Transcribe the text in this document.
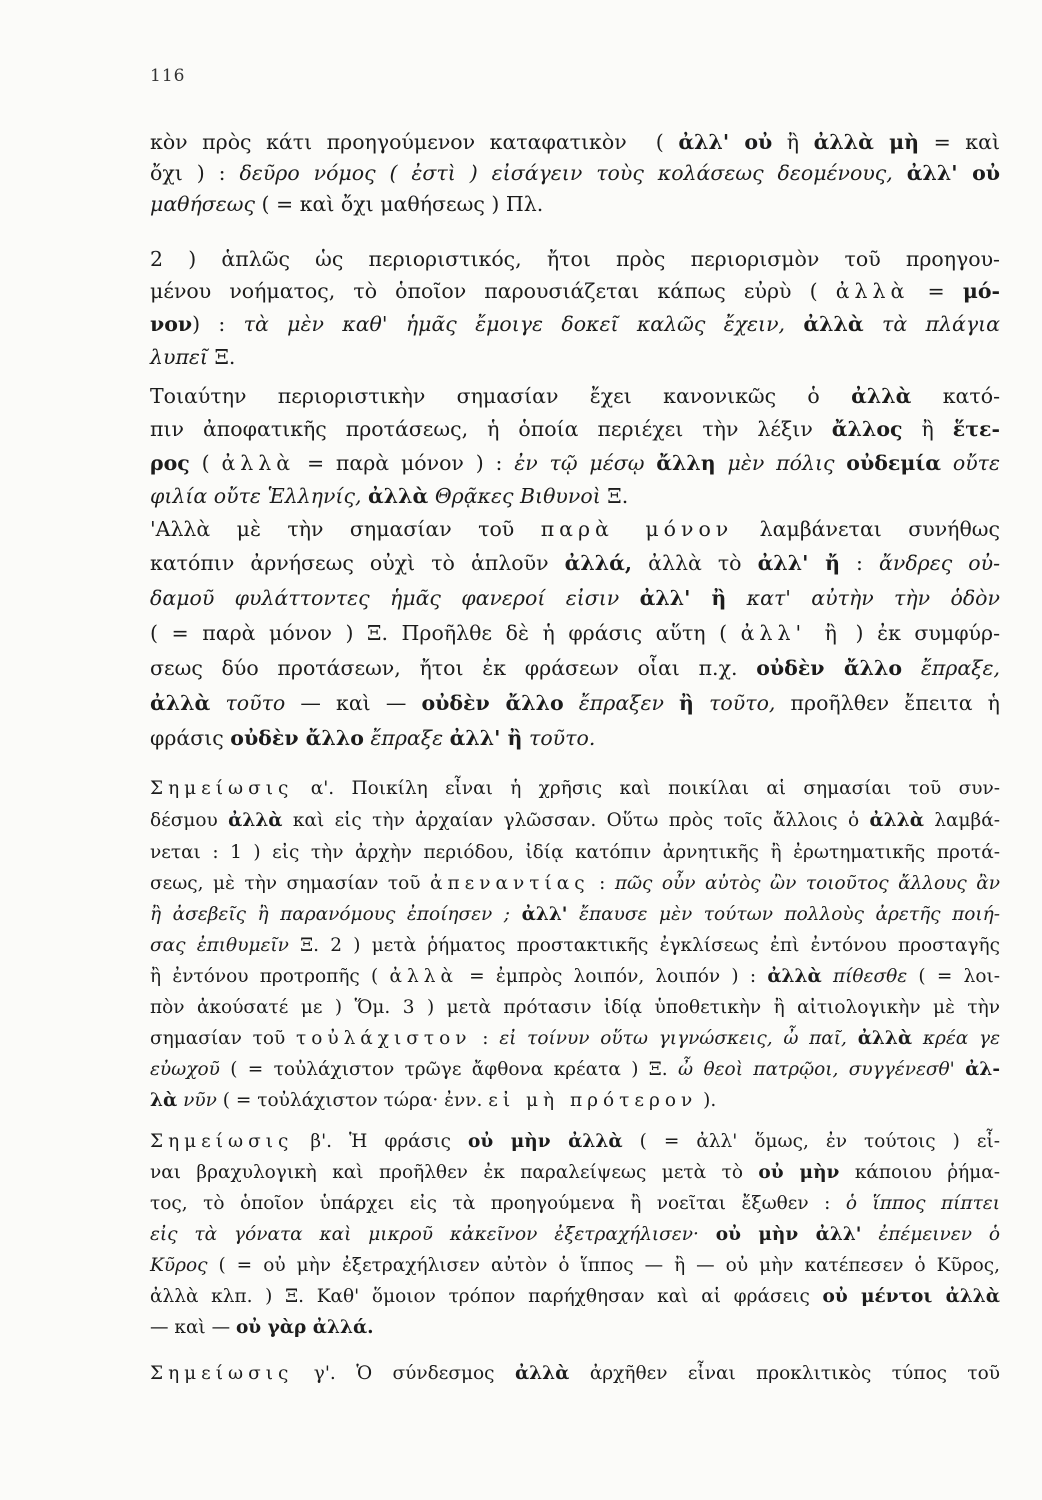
116
κὸν πρὸς κάτι προηγούμενον καταφατικὸν  ( ἀλλ' οὐ ἢ ἀλλὰ μὴ = καὶ
ὄχι ) : δεῦρο νόμος ( ἐστὶ ) εἰσάγειν τοὺς κολάσεως δεομένους, ἀλλ' οὐ
μαθήσεως ( = καὶ ὄχι μαθήσεως ) Πλ.
2 ) ἁπλῶς ὡς περιοριστικός, ἤτοι πρὸς περιορισμὸν τοῦ προηγου-
μένου νοήματος, τὸ ὁποῖον παρουσιάζεται κάπως εὐρὺ ( ἀλλὰ = μό-
νον) : τὰ μὲν καθ' ἡμᾶς ἔμοιγε δοκεῖ καλῶς ἔχειν, ἀλλὰ τὰ πλάγια
λυπεῖ Ξ.
Τοιαύτην περιοριστικὴν σημασίαν ἔχει κανονικῶς ὁ ἀλλὰ κατό-
πιν ἀποφατικῆς προτάσεως, ἡ ὁποία περιέχει τὴν λέξιν ἄλλος ἢ ἕτε-
ρος ( ἀλλὰ = παρὰ μόνον ) : ἐν τῷ μέσῳ ἄλλη μὲν πόλις οὐδεμία οὔτε
φιλία οὔτε Ἑλληνίς, ἀλλὰ Θρᾷκες Βιθυνοὶ Ξ.
'Αλλὰ μὲ τὴν σημασίαν τοῦ παρὰ μόνον λαμβάνεται συνήθως
κατόπιν ἀρνήσεως οὐχὶ τὸ ἁπλοῦν ἀλλά, ἀλλὰ τὸ ἀλλ' ἤ : ἄνδρες οὐ-
δαμοῦ φυλάττοντες ἡμᾶς φανεροί εἰσιν ἀλλ' ἢ κατ' αὐτὴν τὴν ὁδὸν
( = παρὰ μόνον ) Ξ. Προῆλθε δὲ ἡ φράσις αὕτη ( ἀλλ' ἢ ) ἐκ συμφύρ-
σεως δύο προτάσεων, ἤτοι ἐκ φράσεων οἷαι π.χ. οὐδὲν ἄλλο ἔπραξε,
ἀλλὰ τοῦτο — καὶ — οὐδὲν ἄλλο ἔπραξεν ἢ τοῦτο, προῆλθεν ἔπειτα ἡ
φράσις οὐδὲν ἄλλο ἔπραξε ἀλλ' ἢ τοῦτο.
Σημείωσις α'. Ποικίλη εἶναι ἡ χρῆσις καὶ ποικίλαι αἱ σημασίαι τοῦ συν-
δέσμου ἀλλὰ καὶ εἰς τὴν ἀρχαίαν γλῶσσαν. Οὕτω πρὸς τοῖς ἄλλοις ὁ ἀλλὰ λαμβά-
νεται : 1 ) εἰς τὴν ἀρχὴν περιόδου, ἰδίᾳ κατόπιν ἀρνητικῆς ἢ ἐρωτηματικῆς προτά-
σεως, μὲ τὴν σημασίαν τοῦ ἀπεναντίας : πῶς οὖν αὐτὸς ὢν τοιοῦτος ἄλλους ἂν
ἢ ἀσεβεῖς ἢ παρανόμους ἐποίησεν ; ἀλλ' ἔπαυσε μὲν τούτων πολλοὺς ἀρετῆς ποιή-
σας ἐπιθυμεῖν Ξ. 2 ) μετὰ ῥήματος προστακτικῆς ἐγκλίσεως ἐπὶ ἐντόνου προσταγῆς
ἢ ἐντόνου προτροπῆς ( ἀλλὰ = ἐμπρὸς λοιπόν, λοιπόν ) : ἀλλὰ πίθεσθε ( = λοι-
πὸν ἀκούσατέ με ) Ὅμ. 3 ) μετὰ πρότασιν ἰδίᾳ ὑποθετικὴν ἢ αἰτιολογικὴν μὲ τὴν
σημασίαν τοῦ τοὐλάχιστον : εἰ τοίνυν οὕτω γιγνώσκεις, ὦ παῖ, ἀλλὰ κρέα γε
εὐωχοῦ ( = τοὐλάχιστον τρῶγε ἄφθονα κρέατα ) Ξ. ὦ θεοὶ πατρῷοι, συγγένεσθ' ἀλ-
λὰ νῦν ( = τοὐλάχιστον τώρα· ἐνν. εἰ μὴ πρότερον ).
Σημείωσις β'. Ἡ φράσις οὐ μὴν ἀλλὰ ( = ἀλλ' ὅμως, ἐν τούτοις ) εἶ-
ναι βραχυλογικὴ καὶ προῆλθεν ἐκ παραλείψεως μετὰ τὸ οὐ μὴν κάποιου ῥήμα-
τος, τὸ ὁποῖον ὑπάρχει εἰς τὰ προηγούμενα ἢ νοεῖται ἔξωθεν : ὁ ἵππος πίπτει
εἰς τὰ γόνατα καὶ μικροῦ κἀκεῖνον ἐξετραχήλισεν· οὐ μὴν ἀλλ' ἐπέμεινεν ὁ
Κῦρος ( = οὐ μὴν ἐξετραχήλισεν αὐτὸν ὁ ἵππος — ἢ — οὐ μὴν κατέπεσεν ὁ Κῦρος,
ἀλλὰ κλπ. ) Ξ. Καθ' ὅμοιον τρόπον παρήχθησαν καὶ αἱ φράσεις οὐ μέντοι ἀλλὰ
— καὶ — οὐ γὰρ ἀλλά.
Σημείωσις γ'. Ὁ σύνδεσμος ἀλλὰ ἀρχῆθεν εἶναι προκλιτικὸς τύπος τοῦ
